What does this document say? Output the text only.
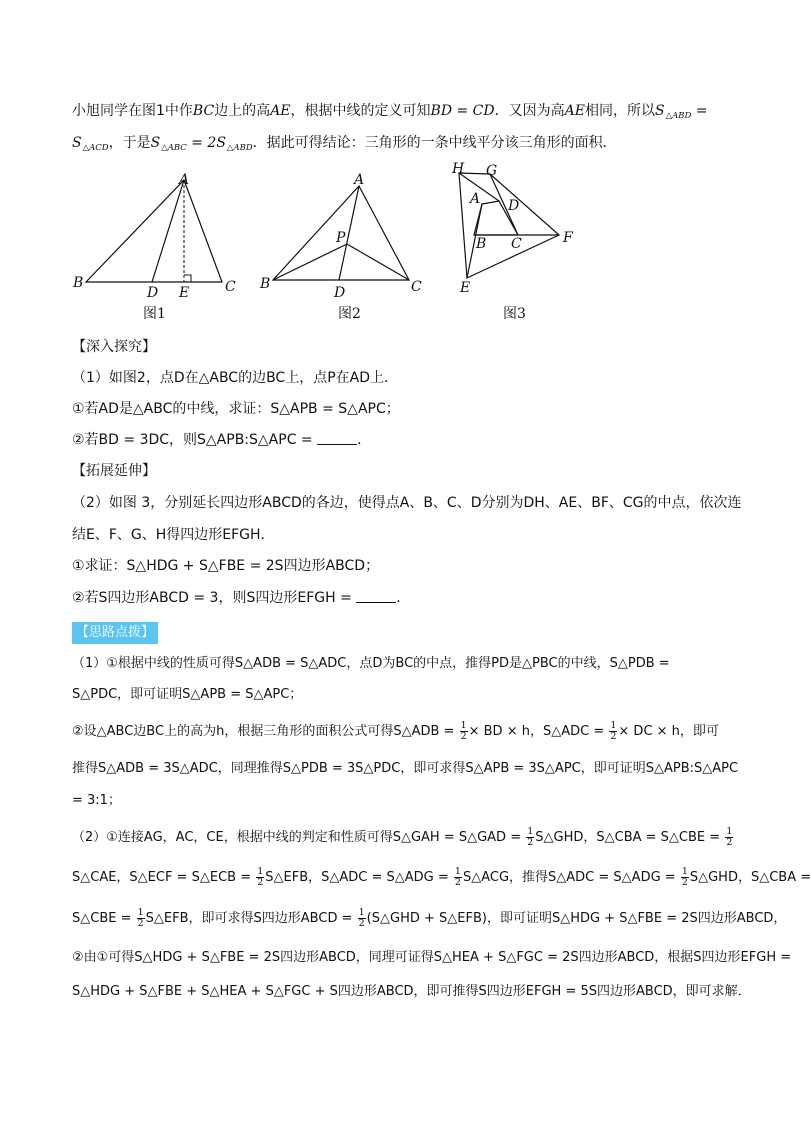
小旭同学在图1中作BC边上的高AE，根据中线的定义可知BD = CD．又因为高AE相同，所以$S_{\triangle ABD}$ =
$S_{\triangle ACD}$，于是$S_{\triangle ABC} = 2S_{\triangle ABD}$．据此可得结论：三角形的一条中线平分该三角形的面积．
A
B	C
D E
图1
A
B	C
D
P
图2
H G
A D
B C	F
E
图3
【深入探究】
（1）如图2，点D在△ABC的边BC上，点P在AD上．
①若AD是△ABC的中线，求证：S△APB = S△APC；
②若BD = 3DC，则S△APB:S△APC =	．
【拓展延伸】
（2）如图 3，分别延长四边形ABCD的各边，使得点A、B、C、D分别为DH、AE、BF、CG的中点，依次连
结E、F、G、H得四边形EFGH．
①求证：S△HDG + S△FBE = 2S四边形ABCD；
②若S四边形ABCD = 3，则S四边形EFGH =	．
【思路点拨】
（1）①根据中线的性质可得S△ADB = S△ADC，点D为BC的中点，推得PD是△PBC的中线，S△PDB =
S△PDC，即可证明S△APB = S△APC；
②设△ABC边BC上的高为h，根据三角形的面积公式可得S△ADB = $\frac{1}{2}$ × BD × h，S△ADC = $\frac{1}{2}$ × DC × h，即可
推得S△ADB = 3S△ADC，同理推得S△PDB = 3S△PDC，即可求得S△APB = 3S△APC，即可证明S△APB:S△APC
= 3:1；
（2）①连接AG，AC，CE，根据中线的判定和性质可得S△GAH = S△GAD = $\frac{1}{2}$ S△GHD，S△CBA = S△CBE = $\frac{1}{2}$
S△CAE，S△ECF = S△ECB = $\frac{1}{2}$ S△EFB，S△ADC = S△ADG = $\frac{1}{2}$ S△ACG，推得S△ADC = S△ADG = $\frac{1}{2}$ S△GHD，S△CBA =
S△CBE = $\frac{1}{2}$ S△EFB，即可求得S四边形ABCD = $\frac{1}{2}$ (S△GHD + S△EFB)，即可证明S△HDG + S△FBE = 2S四边形ABCD，
②由①可得S△HDG + S△FBE = 2S四边形ABCD，同理可证得S△HEA + S△FGC = 2S四边形ABCD，根据S四边形EFGH =
S△HDG + S△FBE + S△HEA + S△FGC + S四边形ABCD，即可推得S四边形EFGH = 5S四边形ABCD，即可求解．
